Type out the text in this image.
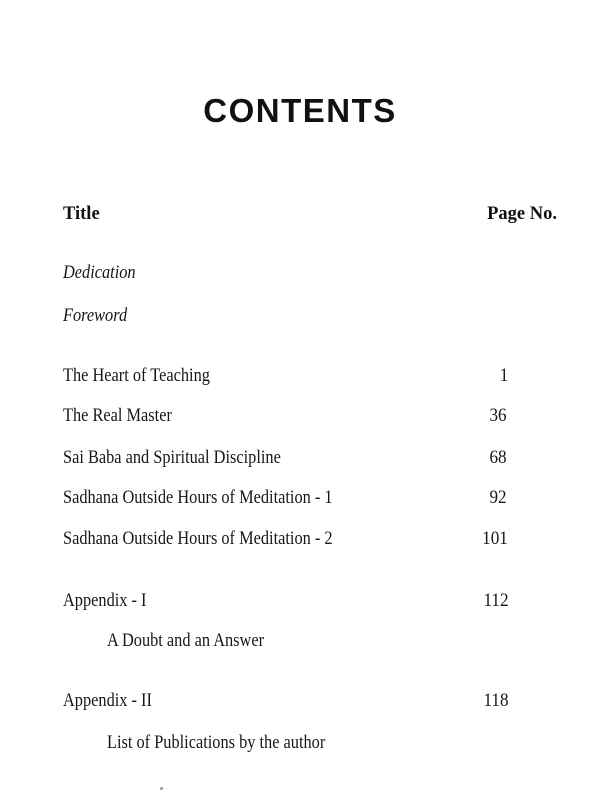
CONTENTS
Title	Page No.
Dedication
Foreword
The Heart of Teaching	1
The Real Master	36
Sai Baba and Spiritual Discipline	68
Sadhana Outside Hours of Meditation - 1	92
Sadhana Outside Hours of Meditation - 2	101
Appendix - I	112
A Doubt and an Answer
Appendix - II	118
List of Publications by the author
